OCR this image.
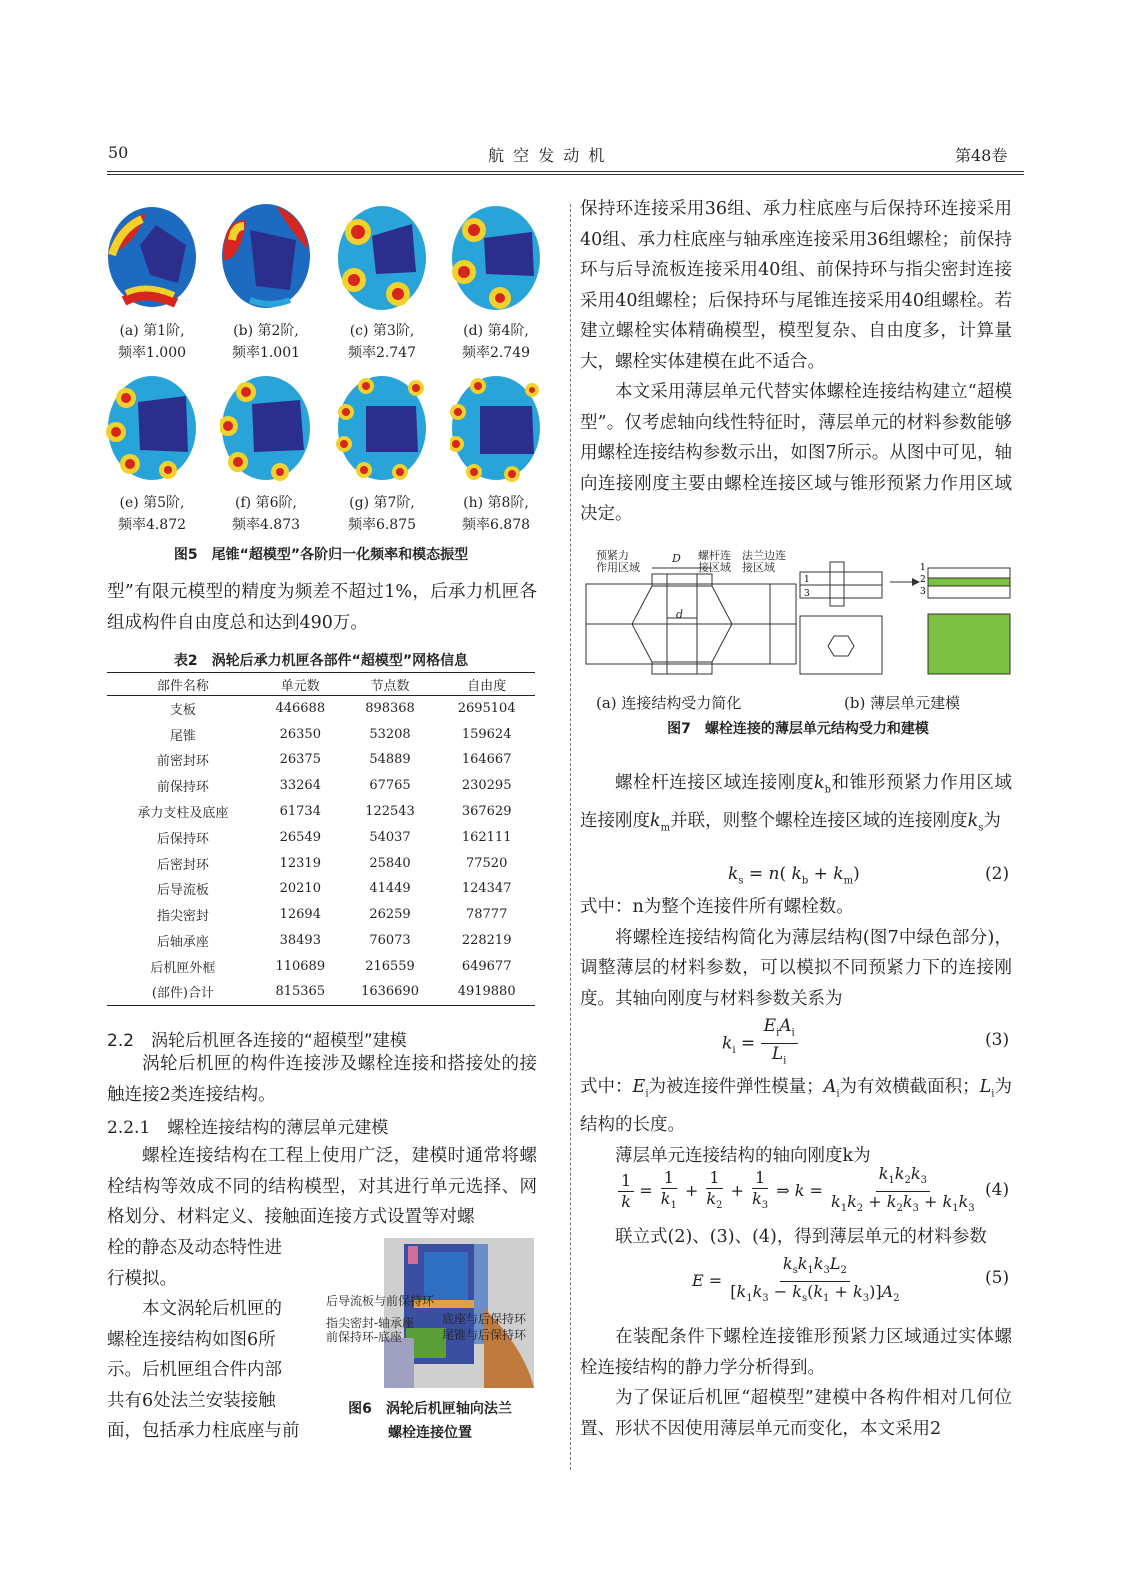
50	航 空 发 动 机	第48卷
(a) 第1阶,
频率1.000
(b) 第2阶,
频率1.001
(c) 第3阶,
频率2.747
(d) 第4阶,
频率2.749
(e) 第5阶,
频率4.872
(f) 第6阶,
频率4.873
(g) 第7阶,
频率6.875
(h) 第8阶,
频率6.878
图5　尾锥“超模型”各阶归一化频率和模态振型

型”有限元模型的精度为频差不超过1%，后承力机匣各组成构件自由度总和达到490万。

表2　涡轮后承力机匣各部件“超模型”网格信息
部件名称	单元数	节点数	自由度
支板	446688	898368	2695104
尾锥	26350	53208	159624
前密封环	26375	54889	164667
前保持环	33264	67765	230295
承力支柱及底座	61734	122543	367629
后保持环	26549	54037	162111
后密封环	12319	25840	77520
后导流板	20210	41449	124347
指尖密封	12694	26259	78777
后轴承座	38493	76073	228219
后机匣外框	110689	216559	649677
(部件)合计	815365	1636690	4919880
2.2　涡轮后机匣各连接的“超模型”建模

涡轮后机匣的构件连接涉及螺栓连接和搭接处的接触连接2类连接结构。

2.2.1　螺栓连接结构的薄层单元建模

螺栓连接结构在工程上使用广泛，建模时通常将螺栓结构等效成不同的结构模型，对其进行单元选择、网格划分、材料定义、接触面连接方式设置等对螺

栓的静态及动态特性进

行模拟。

本文涡轮后机匣的

螺栓连接结构如图6所

示。后机匣组合件内部

共有6处法兰安装接触

面，包括承力柱底座与前

后导流板与前保持环
指尖密封-轴承座
前保持环-底座
底座与后保持环
尾锥与后保持环
图6　涡轮后机匣轴向法兰
螺栓连接位置

保持环连接采用36组、承力柱底座与后保持环连接采用40组、承力柱底座与轴承座连接采用36组螺栓；前保持环与后导流板连接采用40组、前保持环与指尖密封连接采用40组螺栓；后保持环与尾锥连接采用40组螺栓。若建立螺栓实体精确模型，模型复杂、自由度多，计算量大，螺栓实体建模在此不适合。

本文采用薄层单元代替实体螺栓连接结构建立“超模型”。仅考虑轴向线性特征时，薄层单元的材料参数能够用螺栓连接结构参数示出，如图7所示。从图中可见，轴向连接刚度主要由螺栓连接区域与锥形预紧力作用区域决定。

1
3
1
2
3
预紧力
作用区域
D 螺杆连
接区域
法兰边连
接区域
d
(a) 连接结构受力简化	(b) 薄层单元建模
图7　螺栓连接的薄层单元结构受力和建模

螺栓杆连接区域连接刚度$k_b$和锥形预紧力作用区域连接刚度$k_m$并联，则整个螺栓连接区域的连接刚度$k_s$为

$k_s = n$( $k_b + k_m$)	(2)

式中：n为整个连接件所有螺栓数。

将螺栓连接结构简化为薄层结构(图7中绿色部分)，调整薄层的材料参数，可以模拟不同预紧力下的连接刚度。其轴向刚度与材料参数关系为

$k_i = \frac{E_iA_i}{L_i}$	(3)

式中：$E_i$为被连接件弹性模量；$A_i$为有效横截面积；$L_i$为结构的长度。

薄层单元连接结构的轴向刚度k为

$\frac{1}{k} = \frac{1}{k_1} + \frac{1}{k_2} + \frac{1}{k_3}$ ⇒ $k = \frac{k_1k_2k_3}{k_1k_2 + k_2k_3 + k_1k_3} (4)$

联立式(2)、(3)、(4)，得到薄层单元的材料参数

$E = \frac{k_sk_1k_3L_2}{[k_1k_3 - k_s(k_1 + k_3)]A_2}$	(5)

在装配条件下螺栓连接锥形预紧力区域通过实体螺栓连接结构的静力学分析得到。

为了保证后机匣“超模型”建模中各构件相对几何位置、形状不因使用薄层单元而变化，本文采用2
